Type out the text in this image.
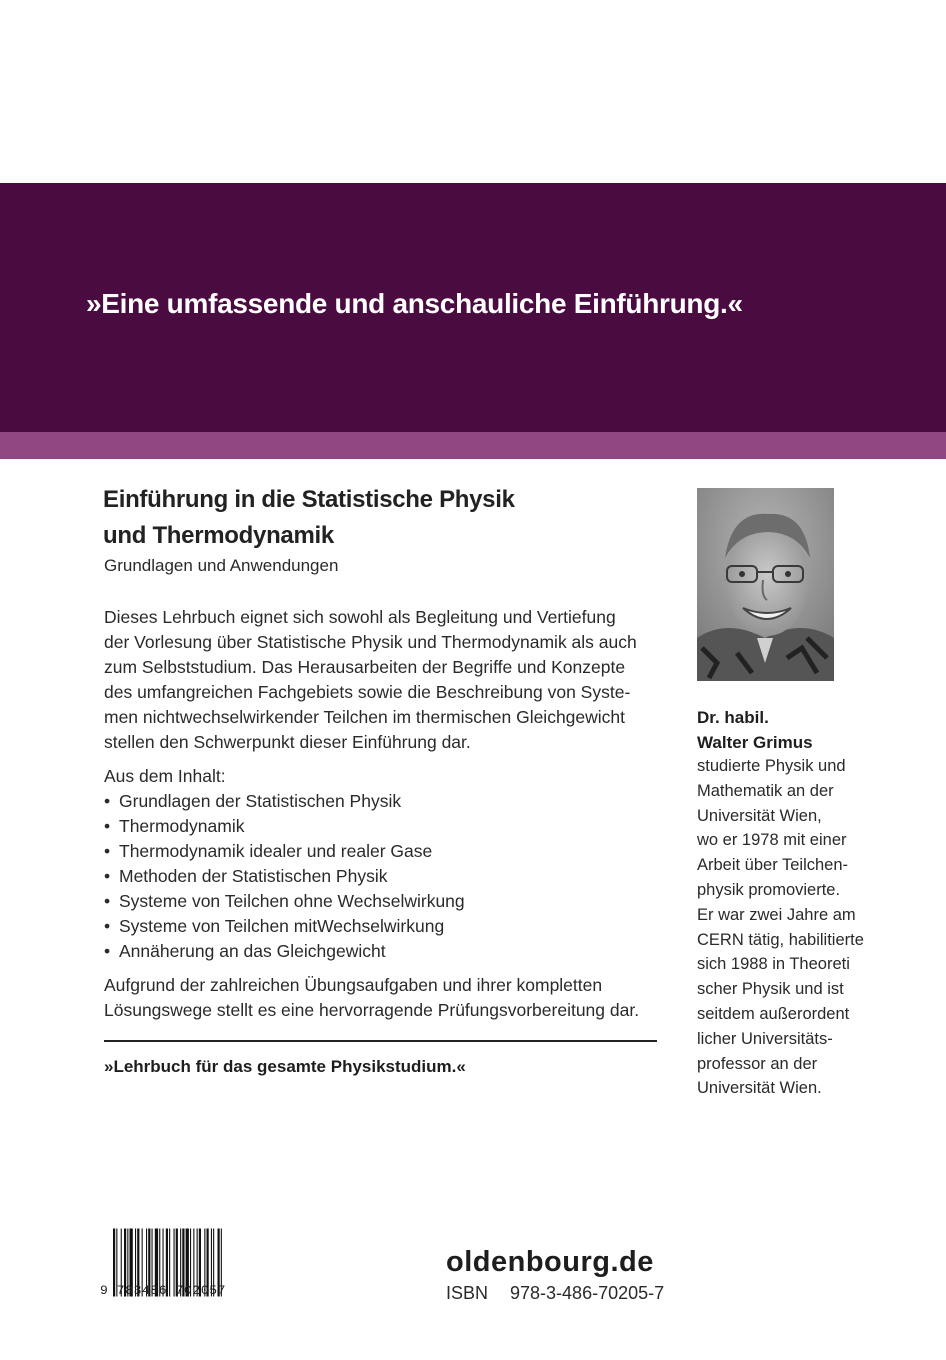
»Eine umfassende und anschauliche Einführung.«
Einführung in die Statistische Physik
und Thermodynamik
Grundlagen und Anwendungen
Dieses Lehrbuch eignet sich sowohl als Begleitung und Vertiefung
der Vorlesung über Statistische Physik und Thermodynamik als auch
zum Selbststudium. Das Herausarbeiten der Begriffe und Konzepte
des umfangreichen Fachgebiets sowie die Beschreibung von Syste-
men nichtwechselwirkender Teilchen im thermischen Gleichgewicht
stellen den Schwerpunkt dieser Einführung dar.
Aus dem Inhalt:
• Grundlagen der Statistischen Physik
• Thermodynamik
• Thermodynamik idealer und realer Gase
• Methoden der Statistischen Physik
• Systeme von Teilchen ohne Wechselwirkung
• Systeme von Teilchen mitWechselwirkung
• Annäherung an das Gleichgewicht
Aufgrund der zahlreichen Übungsaufgaben und ihrer kompletten
Lösungswege stellt es eine hervorragende Prüfungsvorbereitung dar.
»Lehrbuch für das gesamte Physikstudium.«
Dr. habil.
Walter Grimus
studierte Physik und
Mathematik an der
Universität Wien,
wo er 1978 mit einer
Arbeit über Teilchen-
physik promovierte.
Er war zwei Jahre am
CERN tätig, habilitierte
sich 1988 in Theoreti
scher Physik und ist
seitdem außerordent
licher Universitäts-
professor an der
Universität Wien.
9 783486 702057
oldenbourg.de
ISBN 978-3-486-70205-7
